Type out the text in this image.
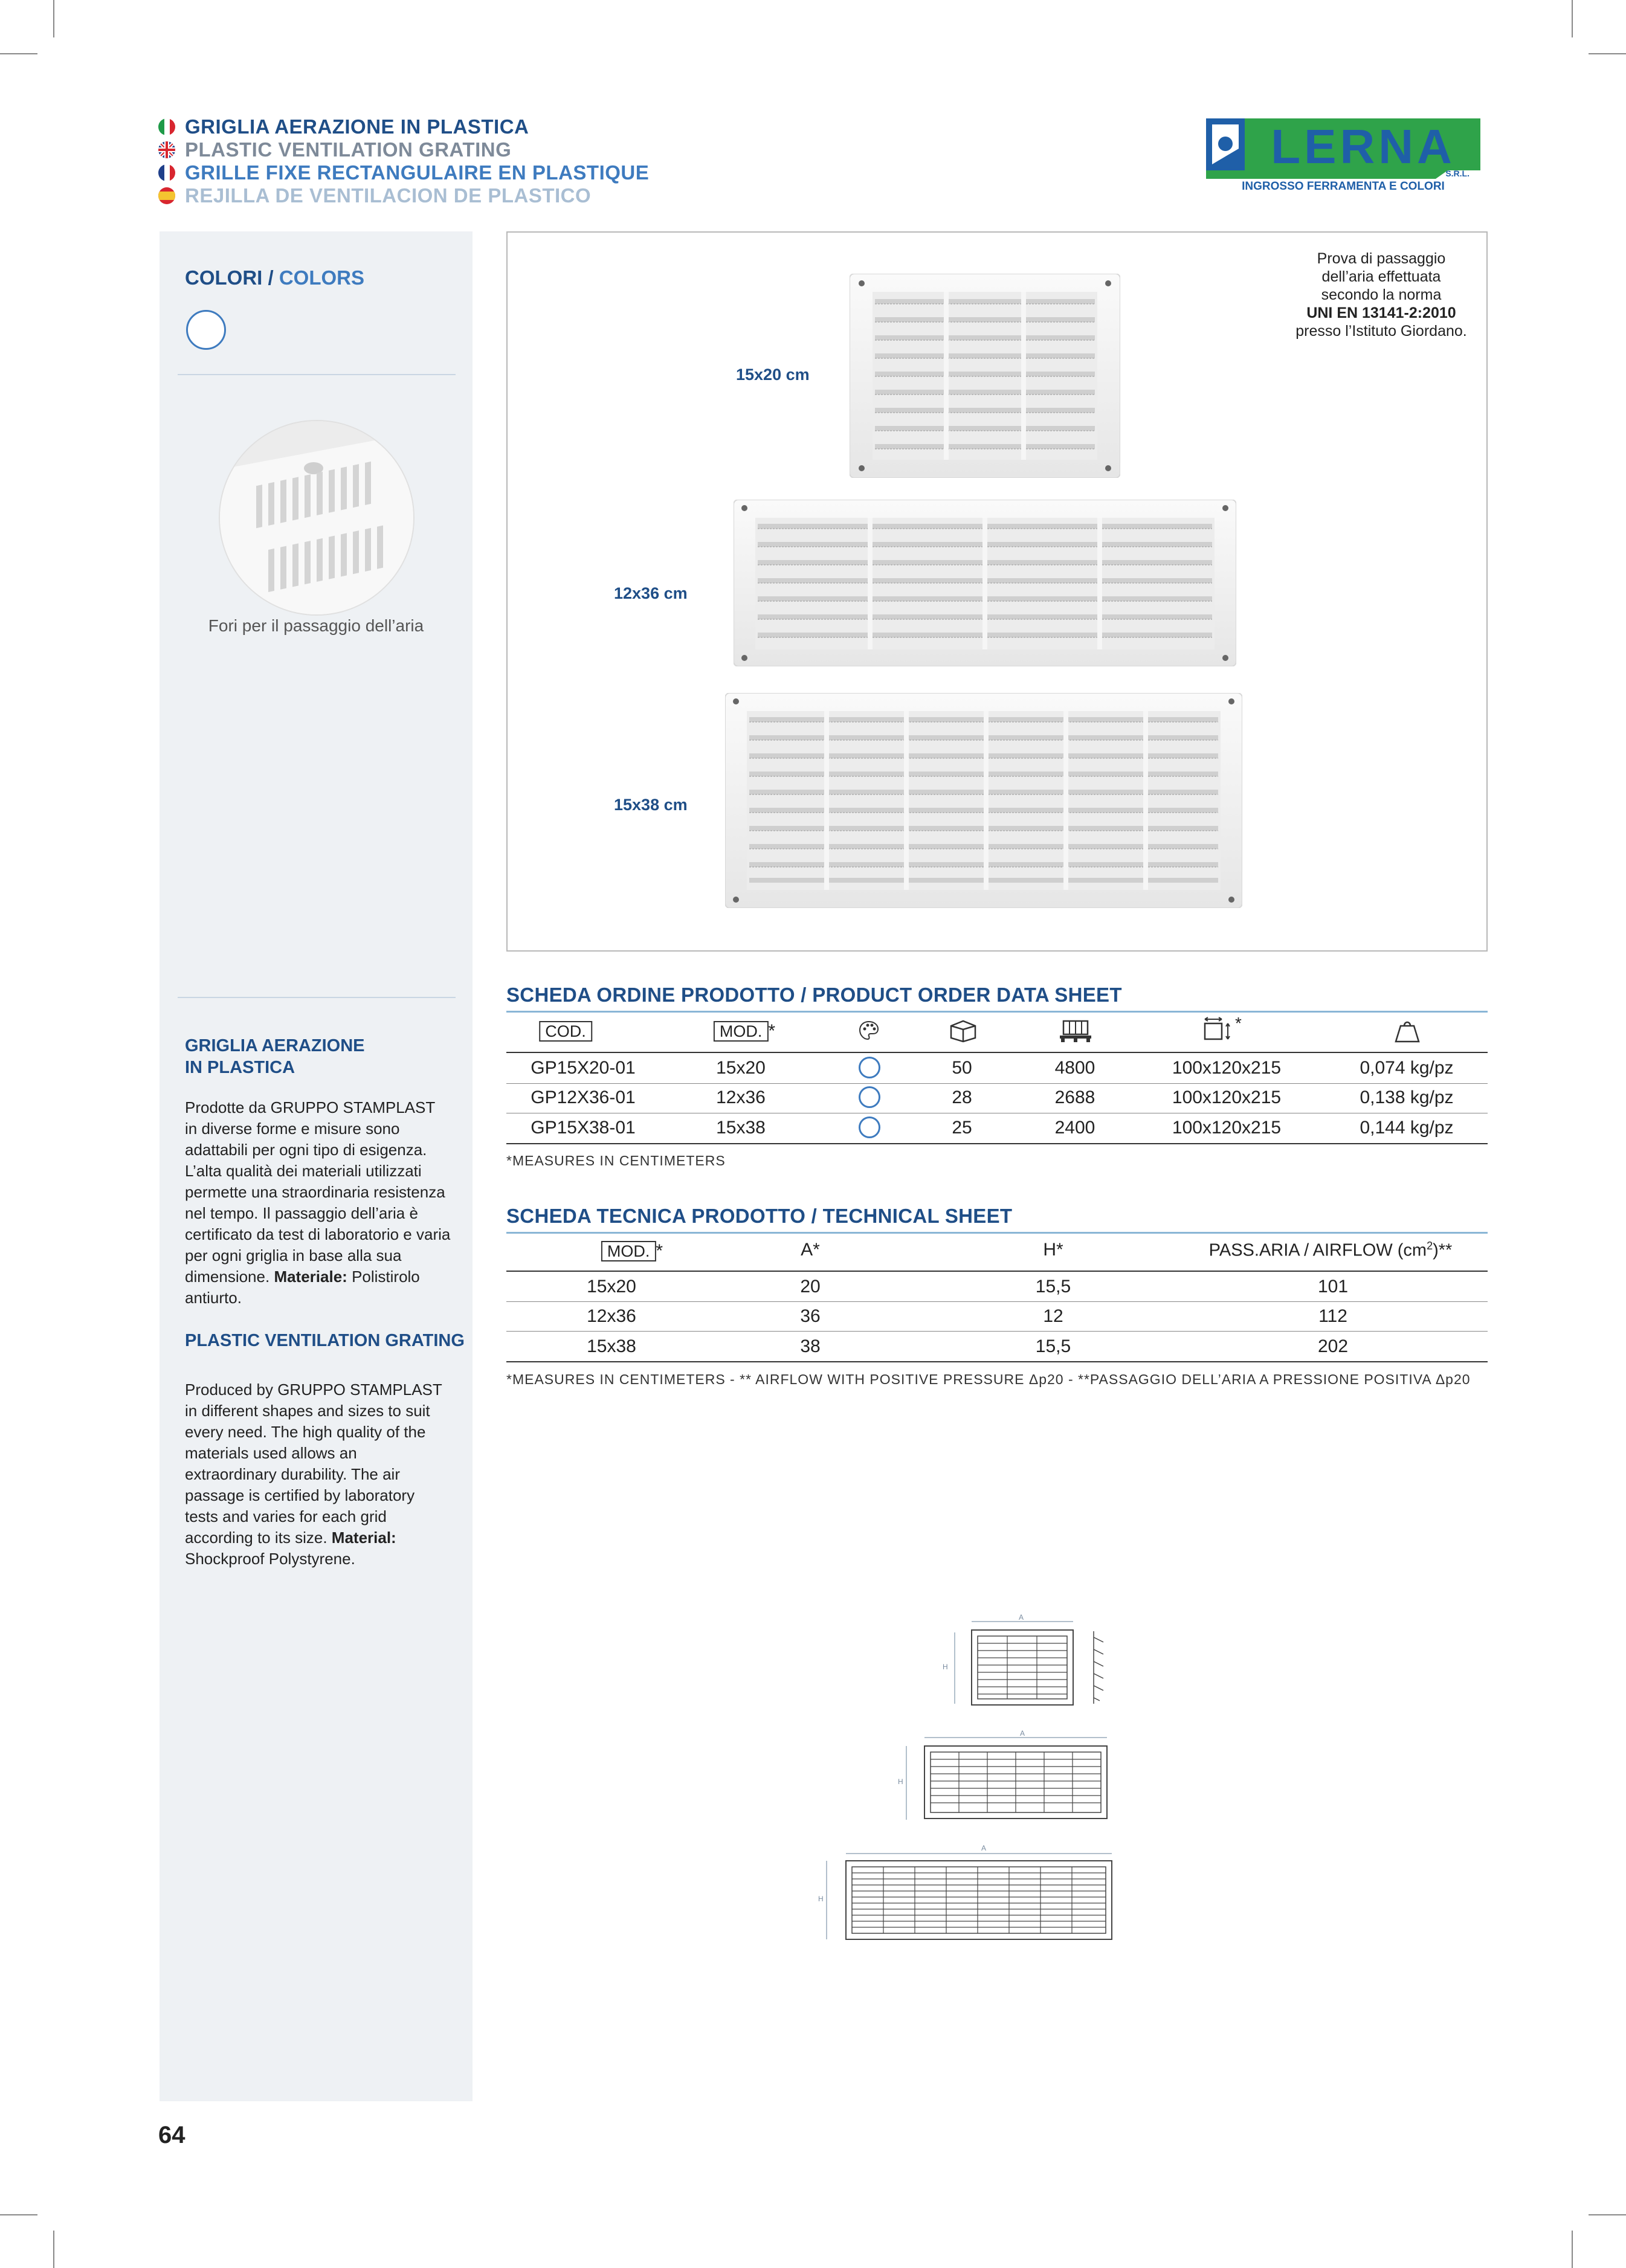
GRIGLIA AERAZIONE IN PLASTICA
PLASTIC VENTILATION GRATING
GRILLE FIXE RECTANGULAIRE EN PLASTIQUE
REJILLA DE VENTILACION DE PLASTICO
LERNA
S.R.L.
INGROSSO FERRAMENTA E COLORI
COLORI / COLORS
Fori per il passaggio dell’aria
GRIGLIA AERAZIONE
IN PLASTICA
Prodotte da GRUPPO STAMPLAST in diverse forme e misure sono adattabili per ogni tipo di esigenza. L’alta qualità dei materiali utilizzati permette una straordinaria resistenza nel tempo. Il passaggio dell’aria è certificato da test di laboratorio e varia per ogni griglia in base alla sua dimensione. Materiale: Polistirolo antiurto.
PLASTIC VENTILATION GRATING
Produced by GRUPPO STAMPLAST in different shapes and sizes to suit every need. The high quality of the materials used allows an extraordinary durability. The air passage is certified by laboratory tests and varies for each grid according to its size. Material: Shockproof Polystyrene.
15x20 cm
12x36 cm
15x38 cm
Prova di passaggio
dell’aria effettuata
secondo la norma
UNI EN 13141-2:2010
presso l’Istituto Giordano.
SCHEDA ORDINE PRODOTTO / PRODUCT ORDER DATA SHEET
COD.	MOD. *	*
GP15X20-01	15x20	50	4800	100x120x215	0,074 kg/pz
GP12X36-01	12x36	28	2688	100x120x215	0,138 kg/pz
GP15X38-01	15x38	25	2400	100x120x215	0,144 kg/pz
*MEASURES IN CENTIMETERS
SCHEDA TECNICA PRODOTTO / TECHNICAL SHEET
MOD. *	A*	H*	PASS.ARIA / AIRFLOW $(cm^2)**$
15x20	20	15,5	101
12x36	36	12	112
15x38	38	15,5	202
*MEASURES IN CENTIMETERS - ** AIRFLOW WITH POSITIVE PRESSURE Δp20 - **PASSAGGIO DELL’ARIA A PRESSIONE POSITIVA Δp20
A
H
A
H
A
H
64
